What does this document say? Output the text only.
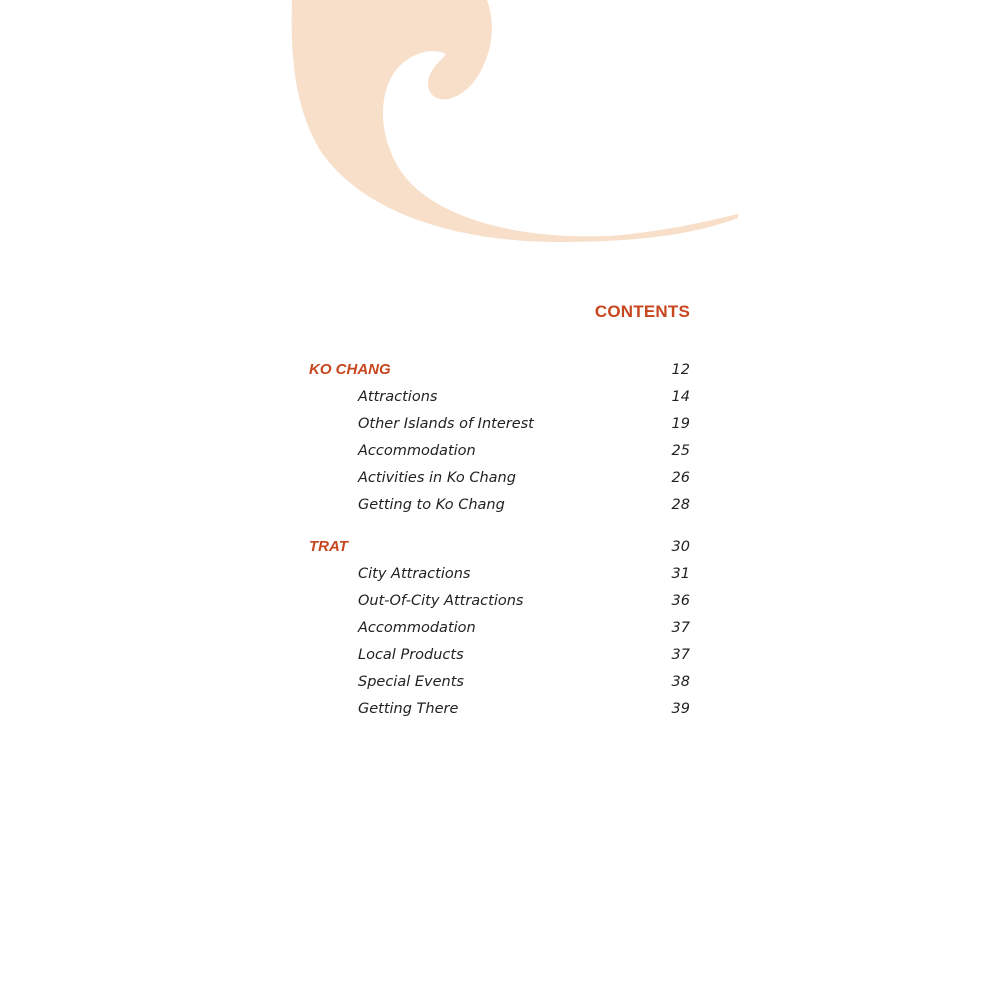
CONTENTS
KO CHANG	12
Attractions	14
Other Islands of Interest	19
Accommodation	25
Activities in Ko Chang	26
Getting to Ko Chang	28
TRAT	30
City Attractions	31
Out-Of-City Attractions	36
Accommodation	37
Local Products	37
Special Events	38
Getting There	39
